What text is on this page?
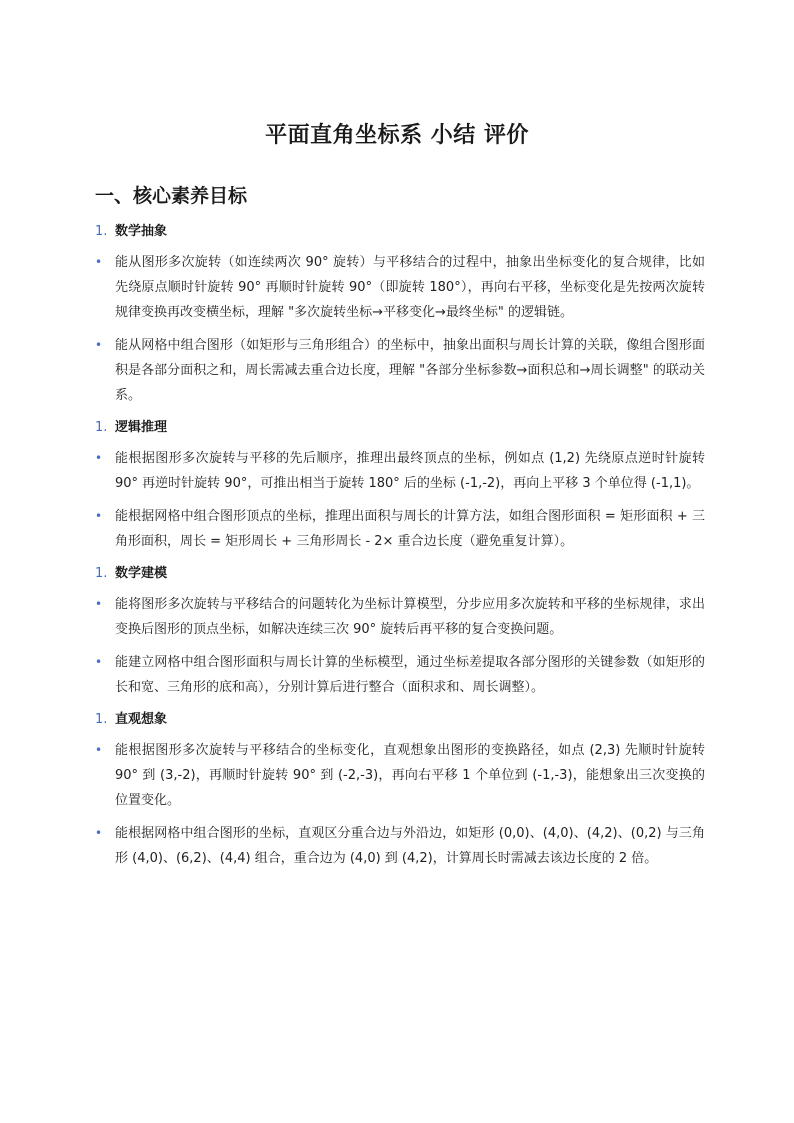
平面直角坐标系 小结 评价
一、核心素养目标
1. 数学抽象
• 能从图形多次旋转（如连续两次 90° 旋转）与平移结合的过程中，抽象出坐标变化的复合规律，比如先绕原点顺时针旋转 90° 再顺时针旋转 90°（即旋转 180°），再向右平移，坐标变化是先按两次旋转规律变换再改变横坐标，理解 "多次旋转坐标→平移变化→最终坐标" 的逻辑链。
• 能从网格中组合图形（如矩形与三角形组合）的坐标中，抽象出面积与周长计算的关联，像组合图形面积是各部分面积之和，周长需减去重合边长度，理解 "各部分坐标参数→面积总和→周长调整" 的联动关系。
1. 逻辑推理
• 能根据图形多次旋转与平移的先后顺序，推理出最终顶点的坐标，例如点 (1,2) 先绕原点逆时针旋转 90° 再逆时针旋转 90°，可推出相当于旋转 180° 后的坐标 (-1,-2)，再向上平移 3 个单位得 (-1,1)。
• 能根据网格中组合图形顶点的坐标，推理出面积与周长的计算方法，如组合图形面积 = 矩形面积 + 三角形面积，周长 = 矩形周长 + 三角形周长 - 2× 重合边长度（避免重复计算）。
1. 数学建模
• 能将图形多次旋转与平移结合的问题转化为坐标计算模型，分步应用多次旋转和平移的坐标规律，求出变换后图形的顶点坐标，如解决连续三次 90° 旋转后再平移的复合变换问题。
• 能建立网格中组合图形面积与周长计算的坐标模型，通过坐标差提取各部分图形的关键参数（如矩形的长和宽、三角形的底和高），分别计算后进行整合（面积求和、周长调整）。
1. 直观想象
• 能根据图形多次旋转与平移结合的坐标变化，直观想象出图形的变换路径，如点 (2,3) 先顺时针旋转 90° 到 (3,-2)，再顺时针旋转 90° 到 (-2,-3)，再向右平移 1 个单位到 (-1,-3)，能想象出三次变换的位置变化。
• 能根据网格中组合图形的坐标，直观区分重合边与外沿边，如矩形 (0,0)、(4,0)、(4,2)、(0,2) 与三角形 (4,0)、(6,2)、(4,4) 组合，重合边为 (4,0) 到 (4,2)，计算周长时需减去该边长度的 2 倍。
